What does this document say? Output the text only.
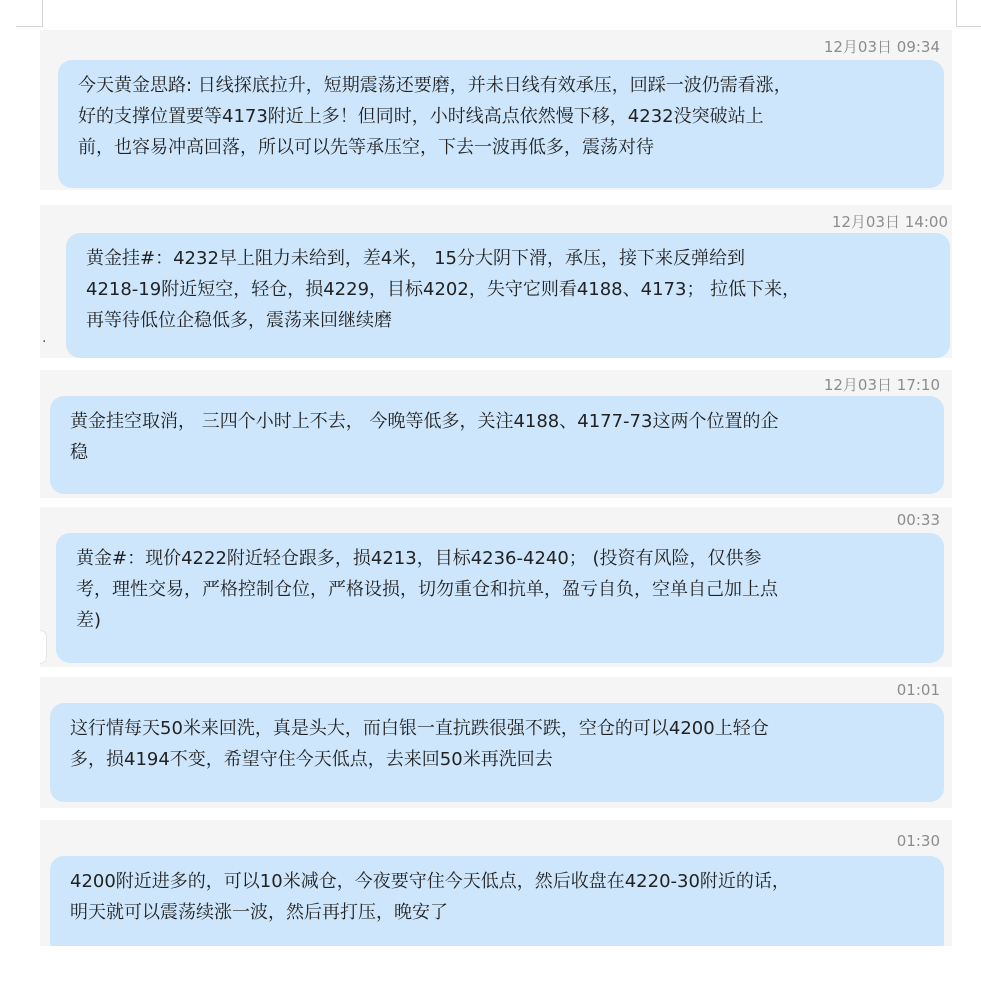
12月03日 09:34
今天黄金思路: 日线探底拉升，短期震荡还要磨，并未日线有效承压，回踩一波仍需看涨，
好的支撑位置要等4173附近上多！但同时，小时线高点依然慢下移，4232没突破站上
前，也容易冲高回落，所以可以先等承压空，下去一波再低多，震荡对待
12月03日 14:00
黄金挂#：4232早上阻力未给到，差4米， 15分大阴下滑，承压，接下来反弹给到
4218-19附近短空，轻仓，损4229，目标4202，失守它则看4188、4173； 拉低下来，
再等待低位企稳低多，震荡来回继续磨
·
12月03日 17:10
黄金挂空取消， 三四个小时上不去， 今晚等低多，关注4188、4177-73这两个位置的企
稳
00:33
黄金#：现价4222附近轻仓跟多，损4213，目标4236-4240； (投资有风险，仅供参
考，理性交易，严格控制仓位，严格设损，切勿重仓和抗单，盈亏自负，空单自己加上点
差)
01:01
这行情每天50米来回洗，真是头大，而白银一直抗跌很强不跌，空仓的可以4200上轻仓
多，损4194不变，希望守住今天低点，去来回50米再洗回去
01:30
4200附近进多的，可以10米减仓，今夜要守住今天低点，然后收盘在4220-30附近的话，
明天就可以震荡续涨一波，然后再打压，晚安了
